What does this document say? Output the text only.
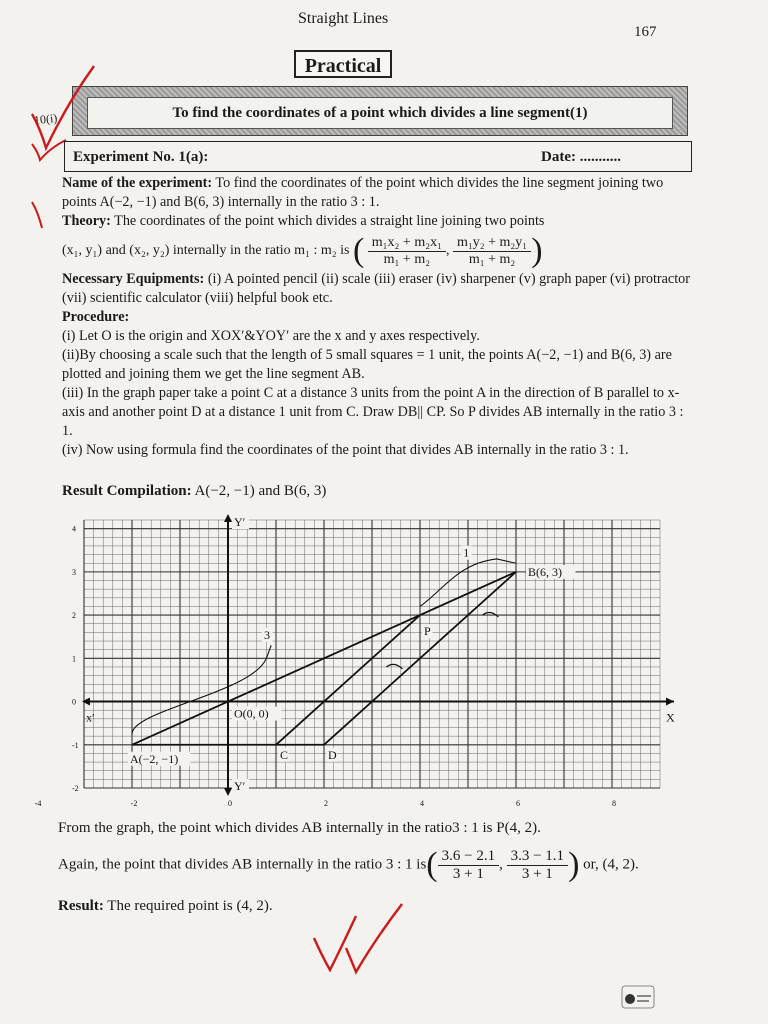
Straight Lines
167
Practical
To find the coordinates of a point which divides a line segment(1)
10(i)
Experiment No. 1(a):	Date: ...........
Name of the experiment: To find the coordinates of the point which divides the line segment joining two points A(−2, −1) and B(6, 3) internally in the ratio 3 : 1.
Theory: The coordinates of the point which divides a straight line joining two points
(x₁, y₁) and (x₂, y₂) internally in the ratio m₁ : m₂ is ( $\frac{\text{m₁x₂ + m₂x₁}}{\text{m₁ + m₂}}$ , $\frac{\text{m₁y₂ + m₂y₁}}{\text{m₁ + m₂}}$ )
Necessary Equipments: (i) A pointed pencil (ii) scale (iii) eraser (iv) sharpener (v) graph paper (vi) protractor (vii) scientific calculator (viii) helpful book etc.
Procedure:
(i) Let O is the origin and XOX′&YOY′ are the x and y axes respectively.
(ii)By choosing a scale such that the length of 5 small squares = 1 unit, the points A(−2, −1) and B(6, 3) are plotted and joining them we get the line segment AB.
(iii) In the graph paper take a point C at a distance 3 units from the point A in the direction of B parallel to x-axis and another point D at a distance 1 unit from C. Draw DB|| CP. So P divides AB internally in the ratio 3 : 1.
(iv) Now using formula find the coordinates of the point that divides AB internally in the ratio 3 : 1.
Result Compilation: A(−2, −1) and B(6, 3)
Y′
Y′
x′	X
O(0, 0)
A(−2, −1)
B(6, 3)
P
C	D
3
1
-4	-2	0	2	4	6	8
4
3
2
1
0
-1
-2
From the graph, the point which divides AB internally in the ratio3 : 1 is P(4, 2).
Again, the point that divides AB internally in the ratio 3 : 1 $is( \frac{3.6 - 2.1}{3 + 1}$ , $\frac{3.3 - 1.1}{3 + 1}$ ) or, (4, 2).
Result: The required point is (4, 2).
